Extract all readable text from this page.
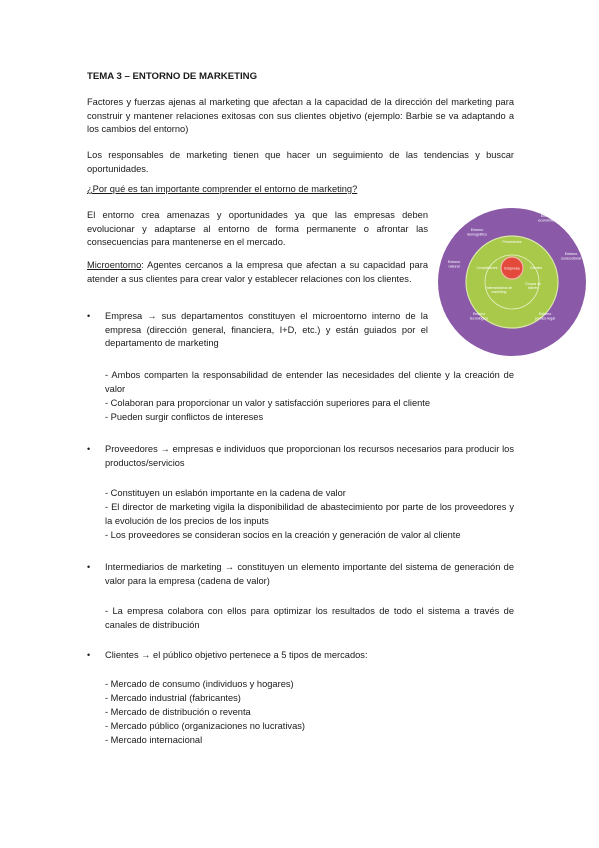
TEMA 3 – ENTORNO DE MARKETING

Factores y fuerzas ajenas al marketing que afectan a la capacidad de la dirección del marketing para construir y mantener relaciones exitosas con sus clientes objetivo (ejemplo: Barbie se va adaptando a los cambios del entorno)

Los responsables de marketing tienen que hacer un seguimiento de las tendencias y buscar oportunidades.

¿Por qué es tan importante comprender el entorno de marketing?

El entorno crea amenazas y oportunidades ya que las empresas deben evolucionar y adaptarse al entorno de forma permanente o afrontar las consecuencias para mantenerse en el mercado.

Microentorno: Agentes cercanos a la empresa que afectan a su capacidad para atender a sus clientes para crear valor y establecer relaciones con los clientes.

• Empresa → sus departamentos constituyen el microentorno interno de la empresa (dirección general, financiera, I+D, etc.) y están guiados por el departamento de marketing

- Ambos comparten la responsabilidad de entender las necesidades del cliente y la creación de valor

- Colaboran para proporcionar un valor y satisfacción superiores para el cliente

- Pueden surgir conflictos de intereses

• Proveedores → empresas e individuos que proporcionan los recursos necesarios para producir los productos/servicios

- Constituyen un eslabón importante en la cadena de valor

- El director de marketing vigila la disponibilidad de abastecimiento por parte de los proveedores y la evolución de los precios de los inputs

- Los proveedores se consideran socios en la creación y generación de valor al cliente

• Intermediarios de marketing → constituyen un elemento importante del sistema de generación de valor para la empresa (cadena de valor)

- La empresa colabora con ellos para optimizar los resultados de todo el sistema a través de canales de distribución

• Clientes → el público objetivo pertenece a 5 tipos de mercados:

- Mercado de consumo (individuos y hogares)

- Mercado industrial (fabricantes)

- Mercado de distribución o reventa

- Mercado público (organizaciones no lucrativas)

- Mercado internacional

Entorno demográfico
Entorno económico
Entorno sociocultural
Entorno político-legal
Entorno tecnológico
Entorno natural
Proveedores
Clientes
Grupos de interés
Intermediarios de marketing
Competidores Empresa
